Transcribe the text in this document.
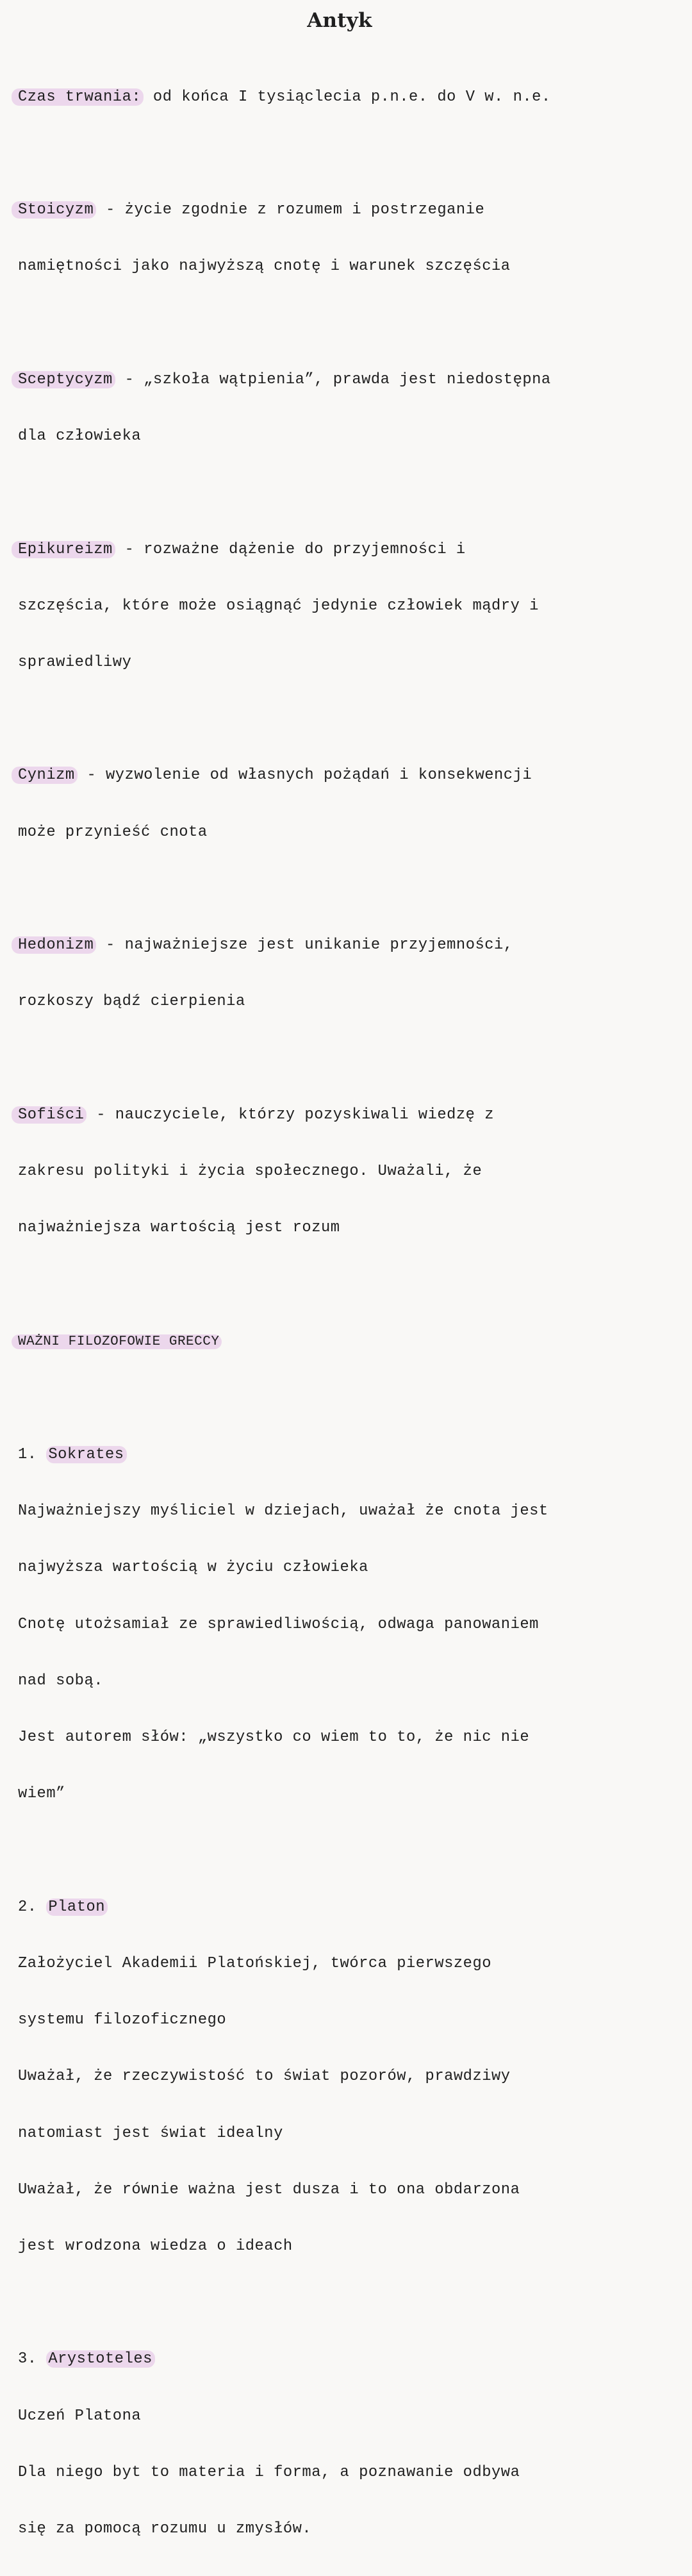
Antyk

Czas trwania: od końca I tysiąclecia p.n.e. do V w. n.e.

Stoicyzm - życie zgodnie z rozumem i postrzeganie

namiętności jako najwyższą cnotę i warunek szczęścia

Sceptycyzm - „szkoła wątpienia”, prawda jest niedostępna

dla człowieka

Epikureizm - rozważne dążenie do przyjemności i

szczęścia, które może osiągnąć jedynie człowiek mądry i

sprawiedliwy

Cynizm - wyzwolenie od własnych pożądań i konsekwencji

może przynieść cnota

Hedonizm - najważniejsze jest unikanie przyjemności,

rozkoszy bądź cierpienia

Sofiści - nauczyciele, którzy pozyskiwali wiedzę z

zakresu polityki i życia społecznego. Uważali, że

najważniejsza wartością jest rozum

WAŻNI FILOZOFOWIE GRECCY

1. Sokrates

Najważniejszy myśliciel w dziejach, uważał że cnota jest

najwyższa wartością w życiu człowieka

Cnotę utożsamiał ze sprawiedliwością, odwaga panowaniem

nad sobą.

Jest autorem słów: „wszystko co wiem to to, że nic nie

wiem”

2. Platon

Założyciel Akademii Platońskiej, twórca pierwszego

systemu filozoficznego

Uważał, że rzeczywistość to świat pozorów, prawdziwy

natomiast jest świat idealny

Uważał, że równie ważna jest dusza i to ona obdarzona

jest wrodzona wiedza o ideach

3. Arystoteles

Uczeń Platona

Dla niego byt to materia i forma, a poznawanie odbywa

się za pomocą rozumu u zmysłów.
